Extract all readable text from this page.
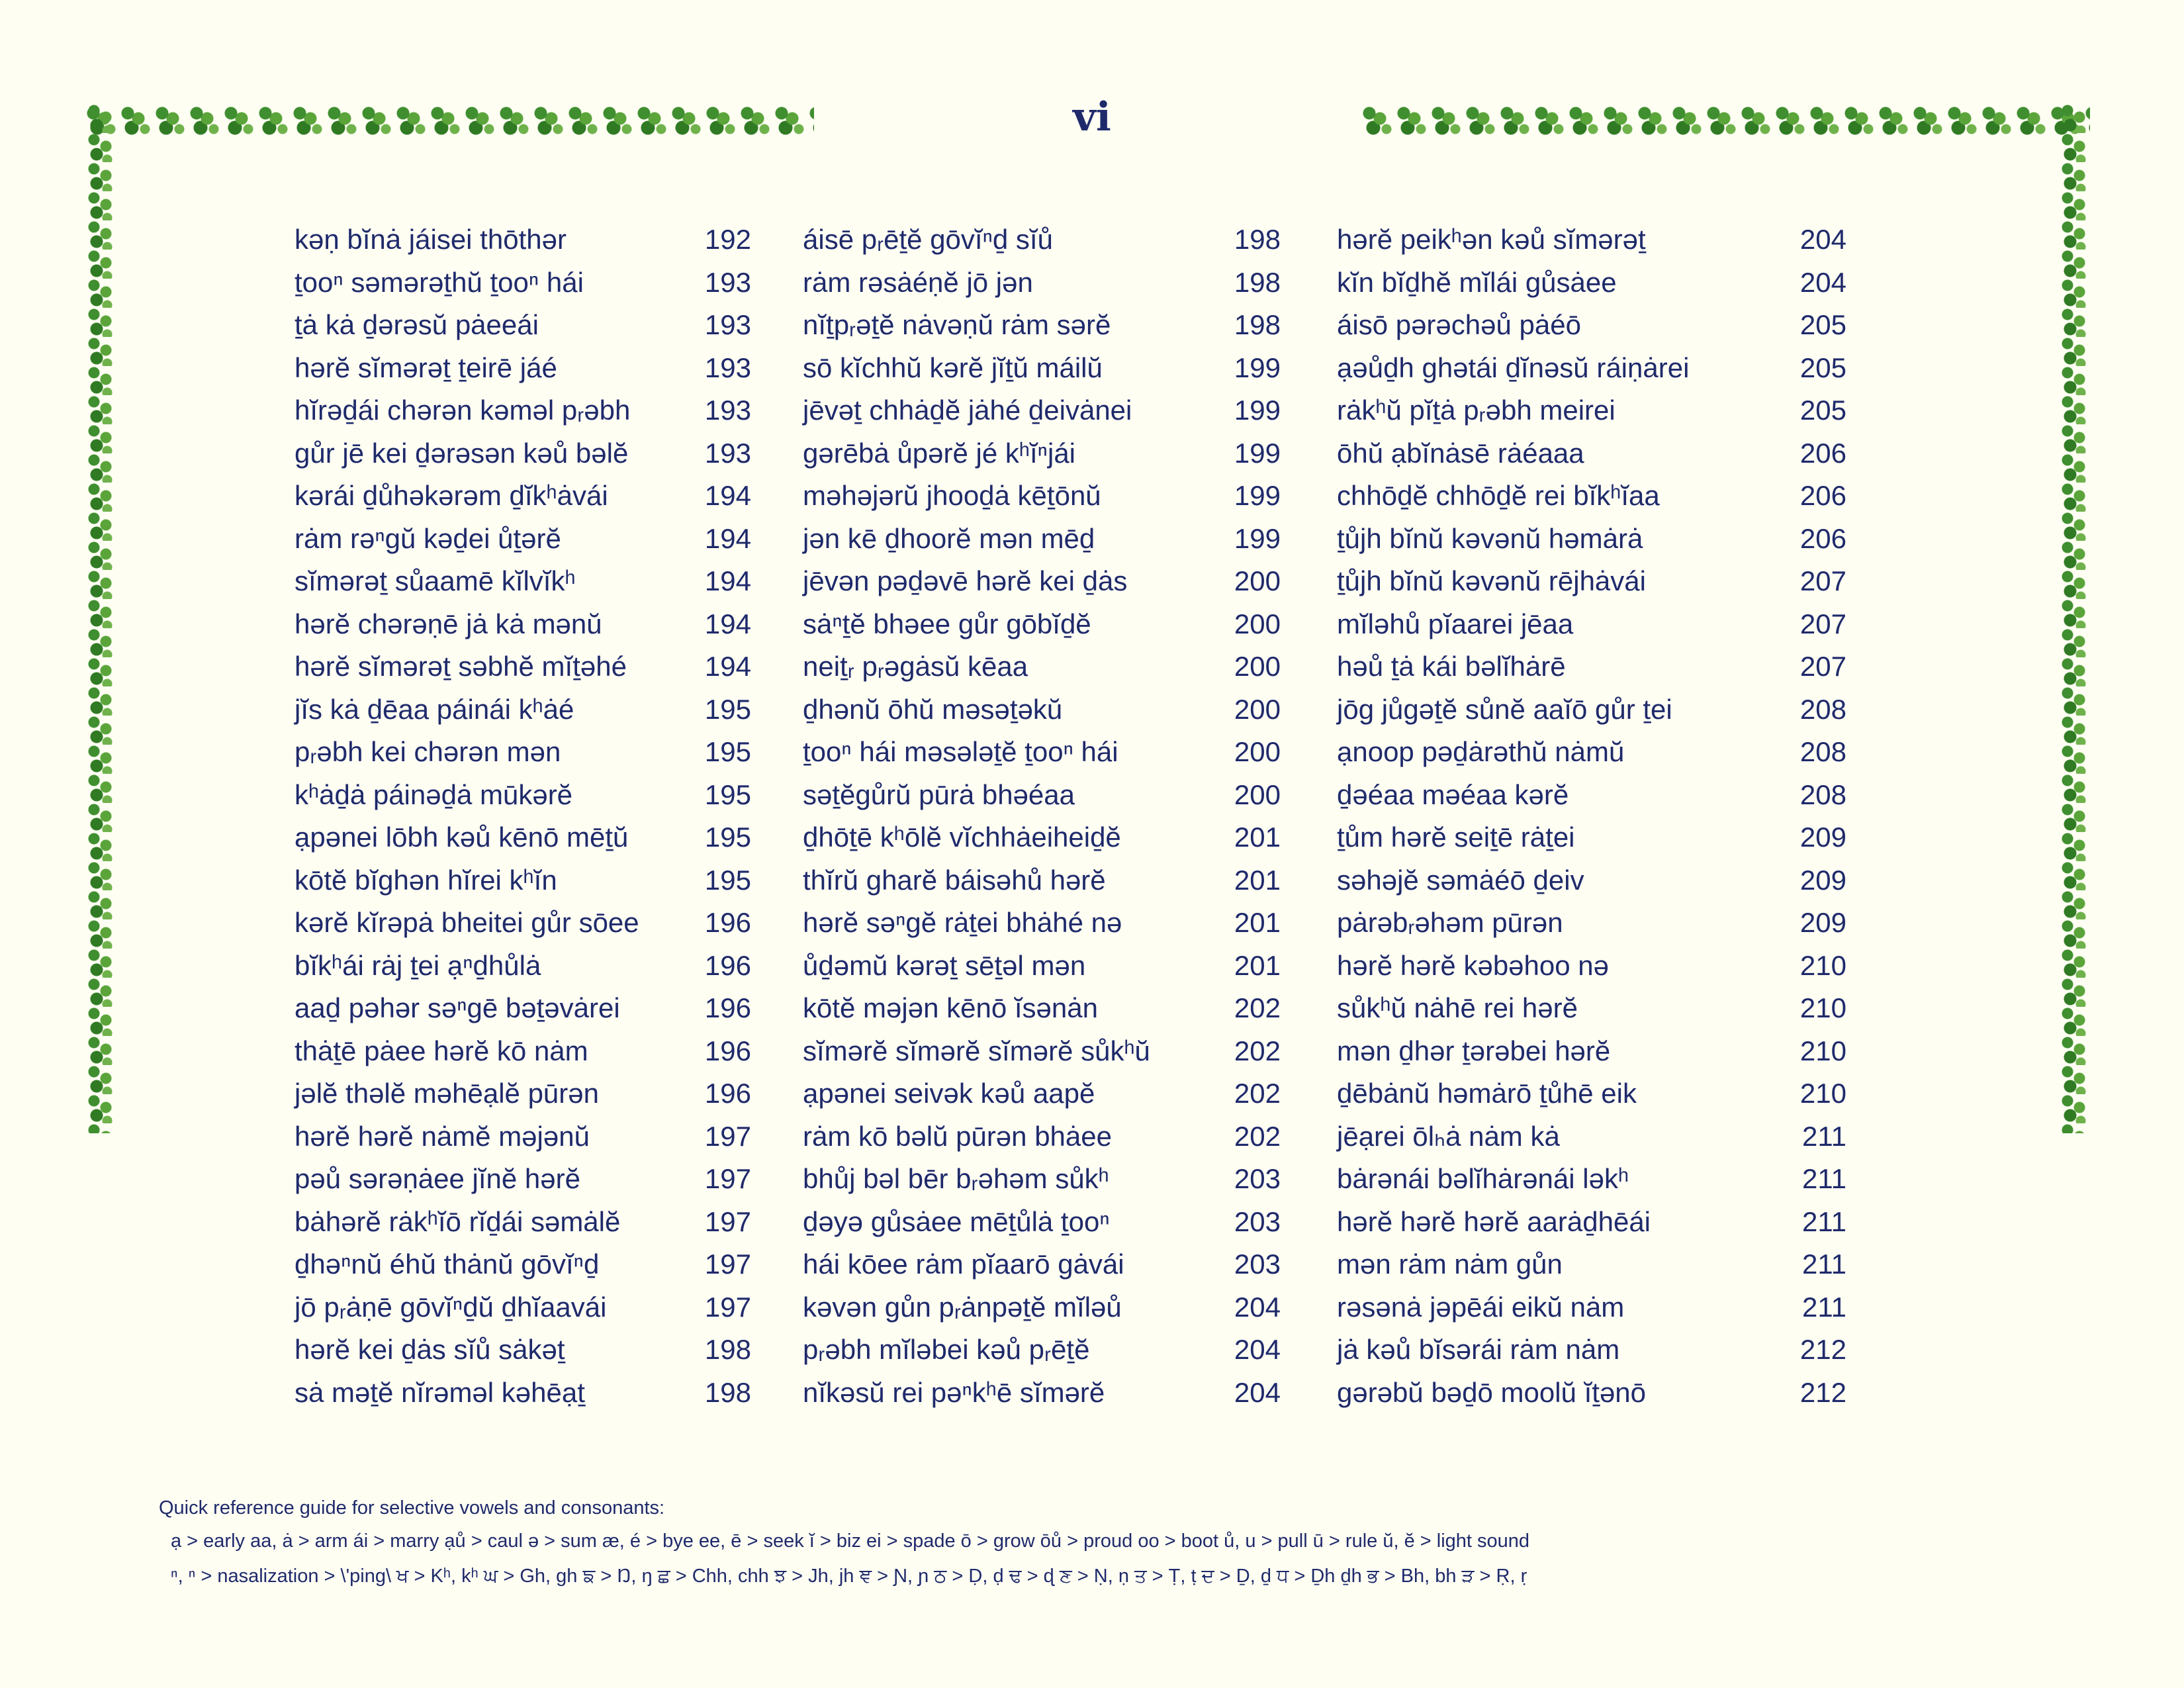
vi
kəṇ bĭnȧ jáisei thōthər	192
ṯooⁿ səmərəṯhŭ ṯooⁿ hái	193
ṯȧ kȧ ḏərəsŭ pȧeeái	193
hərĕ sĭmərəṯ ṯeirē jáé	193
hĭrəḏái chərən kəməl pᵣəbh	193
gůr jē kei ḏərəsən kəů bəlĕ	193
kərái ḏůhəkərəm ḏĭkʰȧvái	194
rȧm rəⁿgŭ kəḏei ůṯərĕ	194
sĭmərəṯ sůaamē kĭlvĭkʰ	194
hərĕ chərəṇē jȧ kȧ mənŭ	194
hərĕ sĭmərəṯ səbhĕ mĭṯəhé	194
jĭs kȧ ḏēaa páinái kʰȧé	195
pᵣəbh kei chərən mən	195
kʰȧḏȧ páinəḏȧ mūkərĕ	195
ạpənei lōbh kəů kēnō mēṯŭ	195
kōtĕ bĭghən hĭrei kʰĭn	195
kərĕ kĭrəpȧ bheitei gůr sōee 196
bĭkʰái rȧj ṯei ạⁿḏhůlȧ	196
aaḏ pəhər səⁿgē bəṯəvȧrei	196
thȧṯē pȧee hərĕ kō nȧm	196
jəlĕ thəlĕ məhēạlĕ pūrən	196
hərĕ hərĕ nȧmĕ məjənŭ	197
pəů sərəṇȧee jĭnĕ hərĕ	197
bȧhərĕ rȧkʰĭō rĭḏái səmȧlĕ	197
ḏhəⁿnŭ éhŭ thȧnŭ gōvĭⁿḏ	197
jō pᵣȧṇē gōvĭⁿḏŭ ḏhĭaavái	197
hərĕ kei ḏȧs sĭů sȧkəṯ	198
sȧ məṯĕ nĭrəməl kəhēạṯ	198
áisē pᵣēṯĕ gōvĭⁿḏ sĭů	198
rȧm rəsȧéṇĕ jō jən	198
nĭṯpᵣəṯĕ nȧvəṇŭ rȧm sərĕ	198
sō kĭchhŭ kərĕ jĭṯŭ máilŭ	199
jēvəṯ chhȧḏĕ jȧhé ḏeivȧnei	199
gərēbȧ ůpərĕ jé kʰĭⁿjái	199
məhəjərŭ jhooḏȧ kēṯōnŭ	199
jən kē ḏhoorĕ mən mēḏ	199
jēvən pəḏəvē hərĕ kei ḏȧs	200
sȧⁿṯĕ bhəee gůr gōbĭḏĕ	200
neiṯᵣ pᵣəgȧsŭ kēaa	200
ḏhənŭ ōhŭ məsəṯəkŭ	200
ṯooⁿ hái məsələṯĕ ṯooⁿ hái	200
səṯĕgůrŭ pūrȧ bhəéaa	200
ḏhōṯē kʰōlĕ vĭchhȧeiheiḏĕ	201
thĭrŭ gharĕ báisəhů hərĕ	201
hərĕ səⁿgĕ rȧṯei bhȧhé nə	201
ůḏəmŭ kərəṯ sēṯəl mən	201
kōtĕ məjən kēnō ĭsənȧn	202
sĭmərĕ sĭmərĕ sĭmərĕ sůkʰŭ	202
ạpənei seivək kəů aapĕ	202
rȧm kō bəlŭ pūrən bhȧee	202
bhůj bəl bēr bᵣəhəm sůkʰ	203
ḏəyə gůsȧee mēṯůlȧ ṯooⁿ	203
hái kōee rȧm pĭaarō gȧvái	203
kəvən gůn pᵣȧnpəṯĕ mĭləů	204
pᵣəbh mĭləbei kəů pᵣēṯĕ	204
nĭkəsŭ rei pəⁿkʰē sĭmərĕ	204
hərĕ peikʰən kəů sĭmərəṯ	204
kĭn bĭḏhĕ mĭlái gůsȧee	204
áisō pərəchəů pȧéō	205
ạəůḏh ghətái ḏĭnəsŭ ráiṇȧrei	205
rȧkʰŭ pĭṯȧ pᵣəbh meirei	205
ōhŭ ạbĭnȧsē rȧéaaa	206
chhōḏĕ chhōḏĕ rei bĭkʰĭaa	206
ṯůjh bĭnŭ kəvənŭ həmȧrȧ	206
ṯůjh bĭnŭ kəvənŭ rējhȧvái	207
mĭləhů pĭaarei jēaa	207
həů ṯȧ kái bəlĭhȧrē	207
jōg jůgəṯĕ sůnĕ aaĭō gůr ṯei	208
ạnoop pəḏȧrəthŭ nȧmŭ	208
ḏəéaa məéaa kərĕ	208
ṯům hərĕ seiṯē rȧṯei	209
səhəjĕ səmȧéō ḏeiv	209
pȧrəbᵣəhəm pūrən	209
hərĕ hərĕ kəbəhoo nə	210
sůkʰŭ nȧhē rei hərĕ	210
mən ḏhər ṯərəbei hərĕ	210
ḏēbȧnŭ həmȧrō ṯůhē eik	210
jēạrei ōlₕȧ nȧm kȧ	211
bȧrənái bəlĭhȧrənái ləkʰ	211
hərĕ hərĕ hərĕ aarȧḏhēái	211
mən rȧm nȧm gůn	211
rəsənȧ jəpēái eikŭ nȧm	211
jȧ kəů bĭsərái rȧm nȧm	212
gərəbŭ bəḏō moolŭ ĭṯənō	212
Quick reference guide for selective vowels and consonants:
ạ > early aa, ȧ > arm ái > marry ạů > caul ə > sum æ, é > bye ee, ē > seek ĭ > biz ei > spade ō > grow ōů > proud oo > boot ů, u > pull ū > rule ŭ, ĕ > light sound
ⁿ, ⁿ > nasalization > \'ping\ ਖ > Kʰ, kʰ ਘ > Gh, gh ਙ > Ŋ, ŋ ਛ > Chh, chh ਝ > Jh, jh ਞ > Ɲ, ɲ ਠ > Ḍ, ḍ ਢ > ɖ ਣ > Ṇ, ṇ ਤ > Ṭ, ṭ ਦ > Ḏ, ḏ ਧ > Ḏh ḏh ਭ > Bh, bh ੜ > Ṛ, ṛ
